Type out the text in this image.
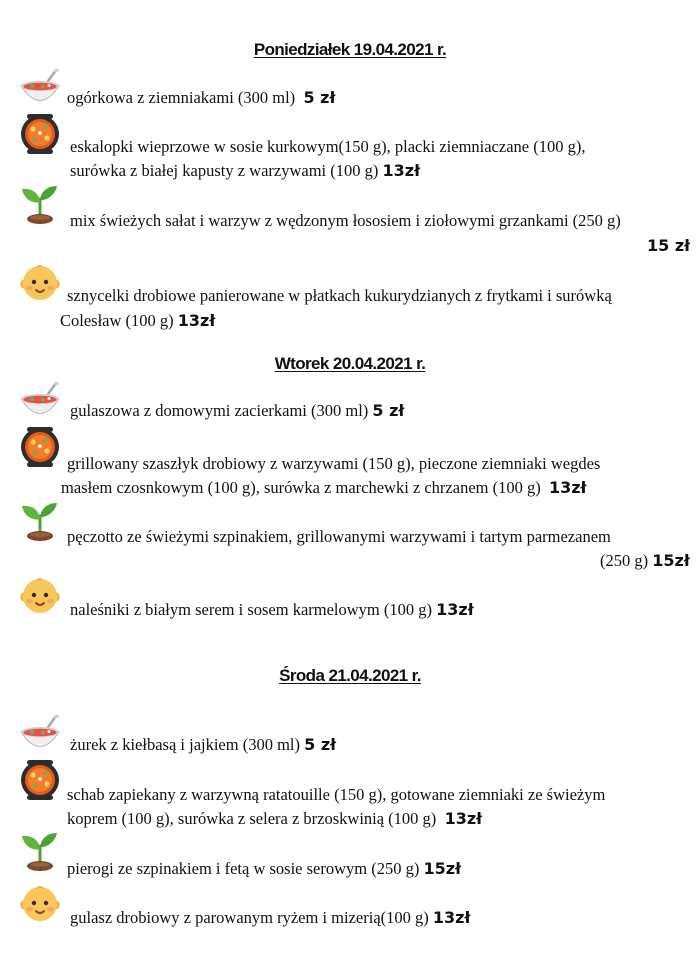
Poniedziałek 19.04.2021 r.
ogórkowa z ziemniakami (300 ml) 5 zł
eskalopki wieprzowe w sosie kurkowym(150 g), placki ziemniaczane (100 g),
surówka z białej kapusty z warzywami (100 g) 13zł
mix świeżych sałat i warzyw z wędzonym łososiem i ziołowymi grzankami (250 g)
15 zł
sznycelki drobiowe panierowane w płatkach kukurydzianych z frytkami i surówką
Colesław (100 g) 13zł
Wtorek 20.04.2021 r.
gulaszowa z domowymi zacierkami (300 ml) 5 zł
grillowany szaszłyk drobiowy z warzywami (150 g), pieczone ziemniaki wegdes
masłem czosnkowym (100 g), surówka z marchewki z chrzanem (100 g) 13zł
pęczotto ze świeżymi szpinakiem, grillowanymi warzywami i tartym parmezanem
(250 g) 15zł
naleśniki z białym serem i sosem karmelowym (100 g) 13zł
Środa 21.04.2021 r.
żurek z kiełbasą i jajkiem (300 ml) 5 zł
schab zapiekany z warzywną ratatouille (150 g), gotowane ziemniaki ze świeżym
koprem (100 g), surówka z selera z brzoskwinią (100 g) 13zł
pierogi ze szpinakiem i fetą w sosie serowym (250 g) 15zł
gulasz drobiowy z parowanym ryżem i mizerią(100 g) 13zł
